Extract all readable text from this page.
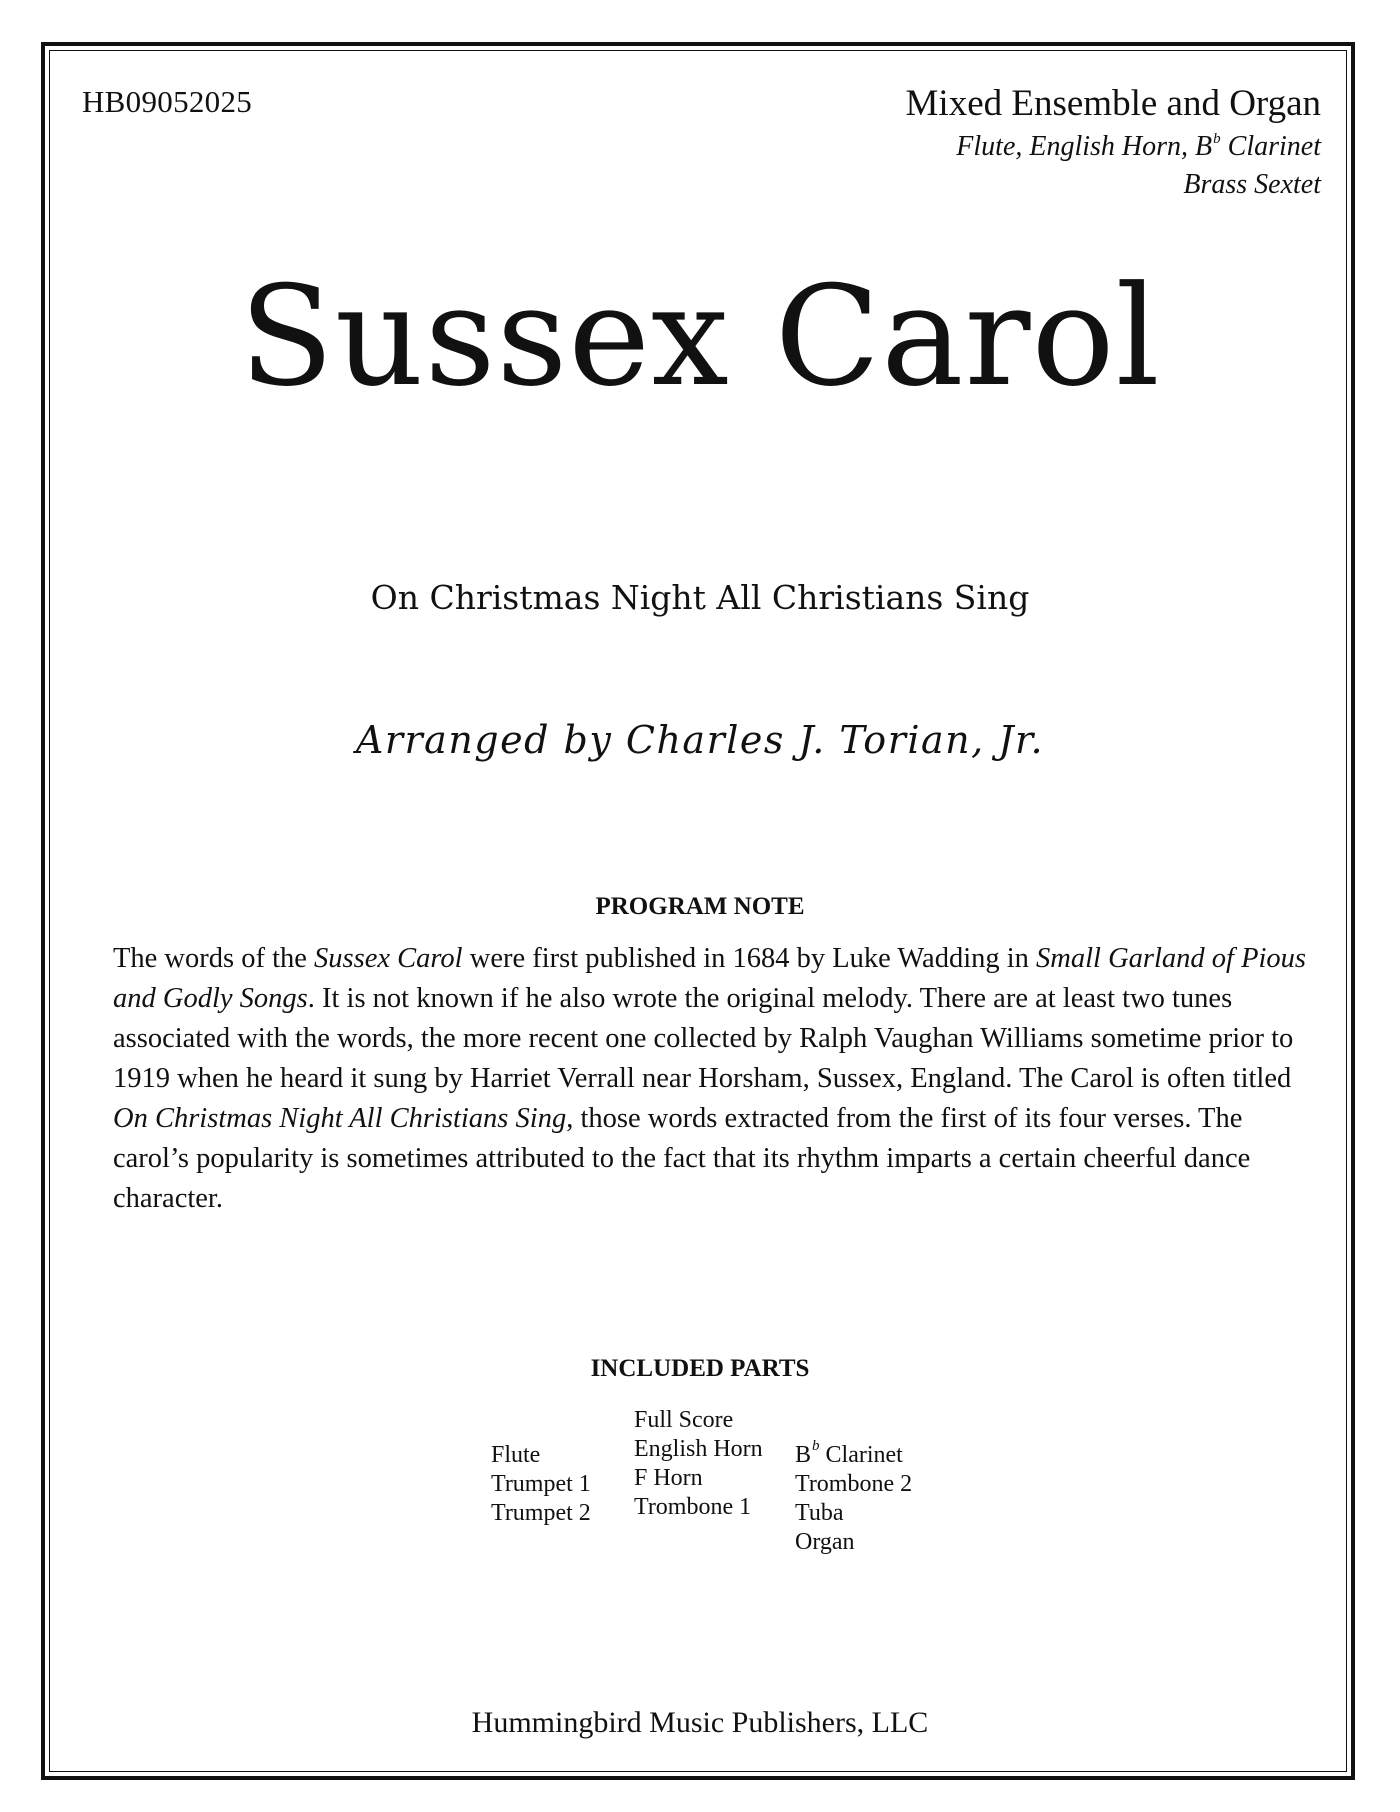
HB09052025	Mixed Ensemble and Organ
Flute, English Horn, $B^b$ Clarinet
Brass Sextet
Sussex Carol
On Christmas Night All Christians Sing
Arranged by Charles J. Torian, Jr.
PROGRAM NOTE
The words of the Sussex Carol were first published in 1684 by Luke Wadding in Small Garland of Pious and Godly Songs. It is not known if he also wrote the original melody. There are at least two tunes associated with the words, the more recent one collected by Ralph Vaughan Williams sometime prior to 1919 when he heard it sung by Harriet Verrall near Horsham, Sussex, England. The Carol is often titled On Christmas Night All Christians Sing, those words extracted from the first of its four verses. The carol’s popularity is sometimes attributed to the fact that its rhythm imparts a certain cheerful dance character.
INCLUDED PARTS
Flute
Trumpet 1
Trumpet 2
Full Score
English Horn
F Horn
Trombone 1
$B^b$ Clarinet
Trombone 2
Tuba
Organ
Hummingbird Music Publishers, LLC
